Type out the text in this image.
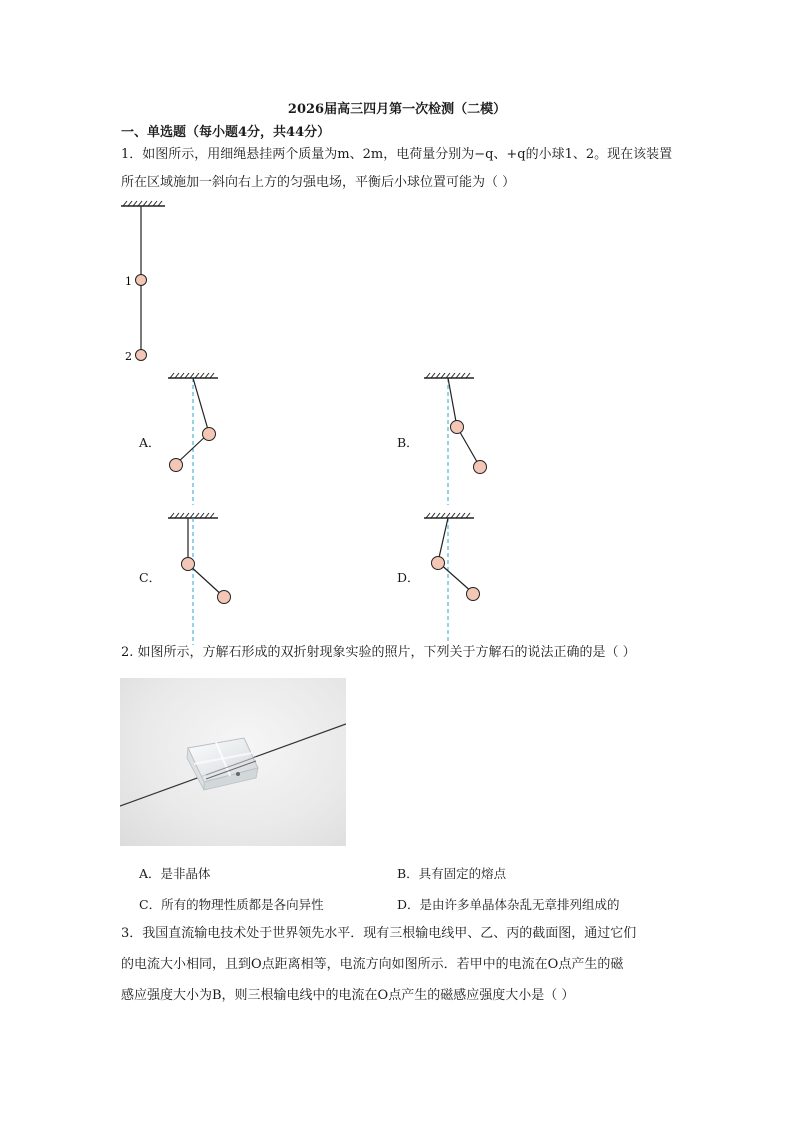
2026届高三四月第一次检测（二模）
一、单选题（每小题4分，共44分）
1．如图所示，用细绳悬挂两个质量为m、2m，电荷量分别为−q、+q的小球1、2。现在该装置
所在区域施加一斜向右上方的匀强电场，平衡后小球位置可能为（ ）
1
2
A．	B．
C．	D．
2. 如图所示，方解石形成的双折射现象实验的照片，下列关于方解石的说法正确的是（ ）
A．是非晶体	B．具有固定的熔点
C．所有的物理性质都是各向异性	D．是由许多单晶体杂乱无章排列组成的
3．我国直流输电技术处于世界领先水平．现有三根输电线甲、乙、丙的截面图，通过它们
的电流大小相同，且到O点距离相等，电流方向如图所示．若甲中的电流在O点产生的磁
感应强度大小为B，则三根输电线中的电流在O点产生的磁感应强度大小是（ ）
